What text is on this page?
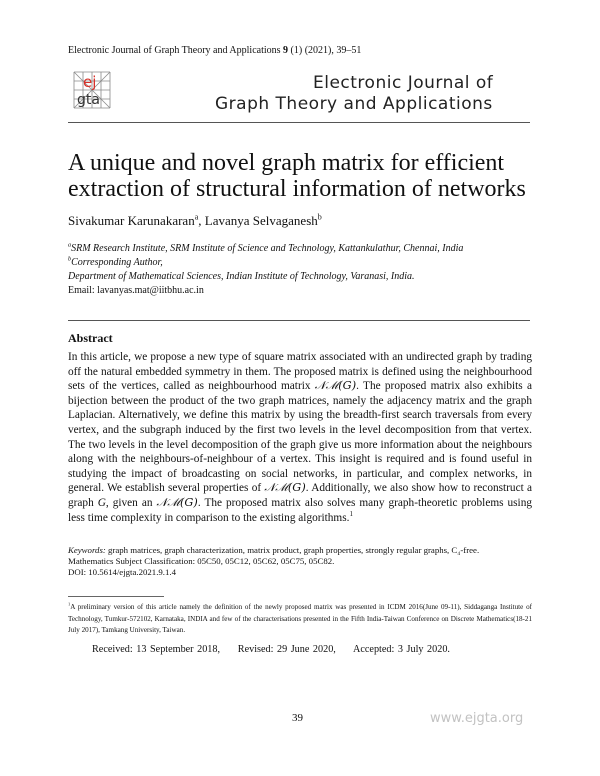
Electronic Journal of Graph Theory and Applications 9 (1) (2021), 39–51
ej
gta
Electronic Journal of
Graph Theory and Applications
A unique and novel graph matrix for efficient extraction of structural information of networks
Sivakumar Karunakaran$^a$, Lavanya Selvaganesh$^b$
$^a$SRM Research Institute, SRM Institute of Science and Technology, Kattankulathur, Chennai, India
$^b$Corresponding Author,
Department of Mathematical Sciences, Indian Institute of Technology, Varanasi, India.
Email: lavanyas.mat@iitbhu.ac.in
Abstract
In this article, we propose a new type of square matrix associated with an undirected graph by trading off the natural embedded symmetry in them. The proposed matrix is defined using the neighbourhood sets of the vertices, called as neighbourhood matrix 𝒩ℳ(G). The proposed matrix also exhibits a bijection between the product of the two graph matrices, namely the adjacency matrix and the graph Laplacian. Alternatively, we define this matrix by using the breadth-first search traversals from every vertex, and the subgraph induced by the first two levels in the level decomposition from that vertex. The two levels in the level decomposition of the graph give us more information about the neighbours along with the neighbours-of-neighbour of a vertex. This insight is required and is found useful in studying the impact of broadcasting on social networks, in particular, and complex networks, in general. We establish several properties of 𝒩ℳ(G). Additionally, we also show how to reconstruct a graph G, given an 𝒩ℳ(G). The proposed matrix also solves many graph-theoretic problems using less time complexity in comparison to the existing algorithms.$^1$
Keywords: graph matrices, graph characterization, matrix product, graph properties, strongly regular graphs, C₄-free.
Mathematics Subject Classification: 05C50, 05C12, 05C62, 05C75, 05C82.
DOI: 10.5614/ejgta.2021.9.1.4
$^1$A preliminary version of this article namely the definition of the newly proposed matrix was presented in ICDM 2016(June 09-11), Siddaganga Institute of Technology, Tumkur-572102, Karnataka, INDIA and few of the characterisations presented in the Fifth India-Taiwan Conference on Discrete Mathematics(18-21 July 2017), Tamkang University, Taiwan.
Received: 13 September 2018, Revised: 29 June 2020, Accepted: 3 July 2020.
39	www.ejgta.org
